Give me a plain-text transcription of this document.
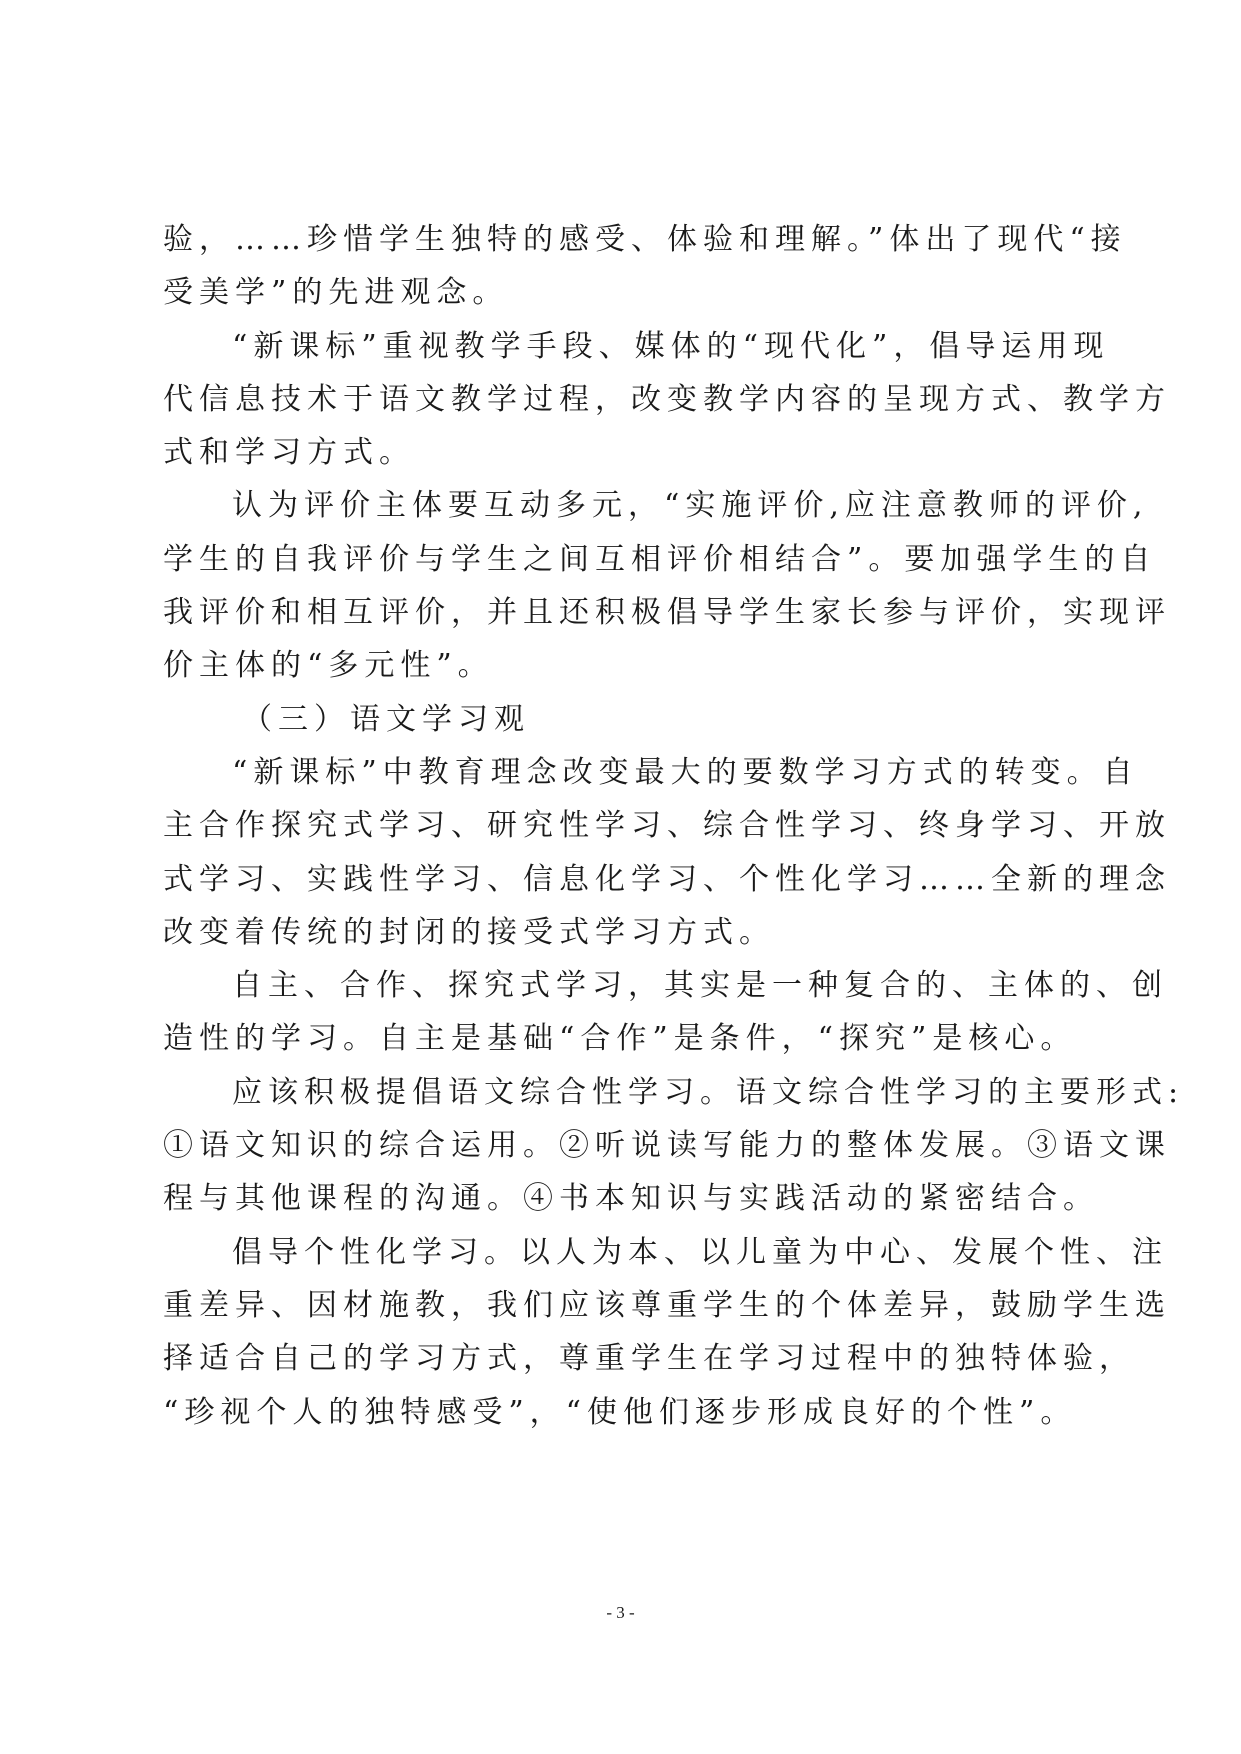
验，……珍惜学生独特的感受、体验和理解。”体出了现代“接
受美学”的先进观念。
“新课标”重视教学手段、媒体的“现代化”，倡导运用现
代信息技术于语文教学过程，改变教学内容的呈现方式、教学方
式和学习方式。
认为评价主体要互动多元，“实施评价,应注意教师的评价,
学生的自我评价与学生之间互相评价相结合”。要加强学生的自
我评价和相互评价，并且还积极倡导学生家长参与评价，实现评
价主体的“多元性”。
（三）语文学习观
“新课标”中教育理念改变最大的要数学习方式的转变。自
主合作探究式学习、研究性学习、综合性学习、终身学习、开放
式学习、实践性学习、信息化学习、个性化学习……全新的理念
改变着传统的封闭的接受式学习方式。
自主、合作、探究式学习，其实是一种复合的、主体的、创
造性的学习。自主是基础“合作”是条件，“探究”是核心。
应该积极提倡语文综合性学习。语文综合性学习的主要形式:
①语文知识的综合运用。②听说读写能力的整体发展。③语文课
程与其他课程的沟通。④书本知识与实践活动的紧密结合。
倡导个性化学习。以人为本、以儿童为中心、发展个性、注
重差异、因材施教，我们应该尊重学生的个体差异，鼓励学生选
择适合自己的学习方式，尊重学生在学习过程中的独特体验，
“珍视个人的独特感受”，“使他们逐步形成良好的个性”。
- 3 -
